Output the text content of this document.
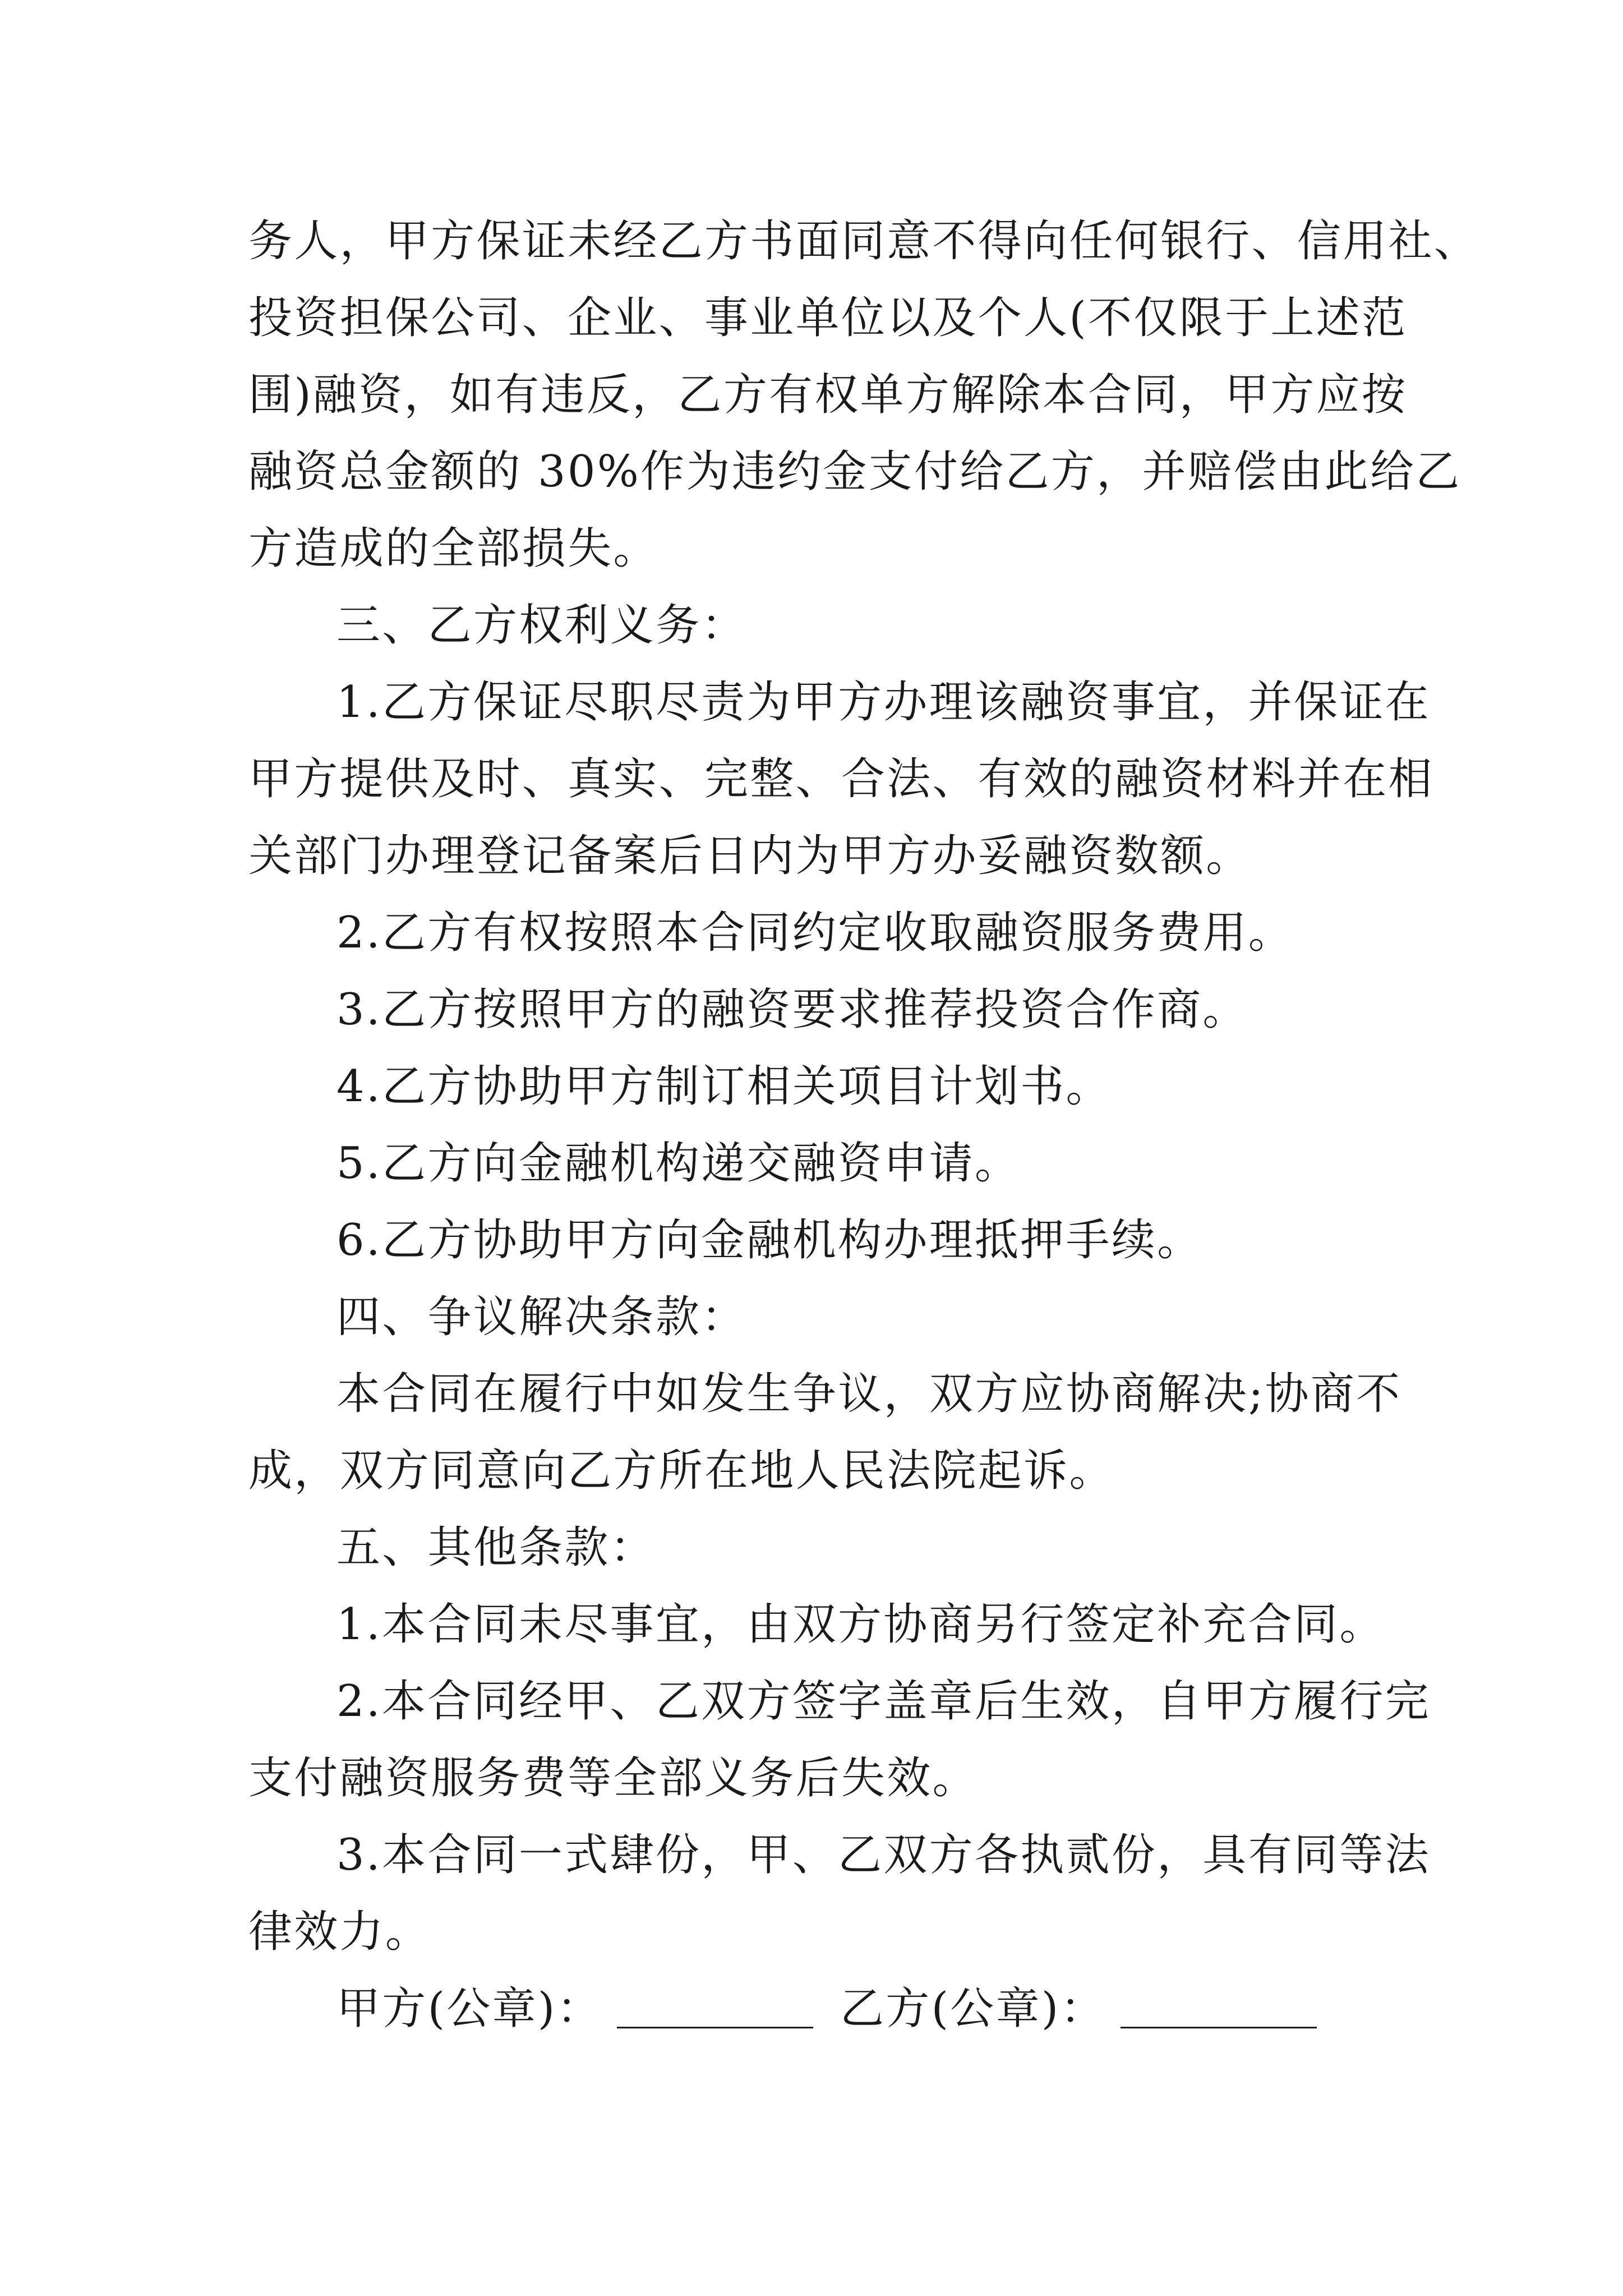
务人，甲方保证未经乙方书面同意不得向任何银行、信用社、
投资担保公司、企业、事业单位以及个人(不仅限于上述范
围)融资，如有违反，乙方有权单方解除本合同，甲方应按
融资总金额的 30%作为违约金支付给乙方，并赔偿由此给乙
方造成的全部损失。
三、乙方权利义务：
1.乙方保证尽职尽责为甲方办理该融资事宜，并保证在
甲方提供及时、真实、完整、合法、有效的融资材料并在相
关部门办理登记备案后日内为甲方办妥融资数额。
2.乙方有权按照本合同约定收取融资服务费用。
3.乙方按照甲方的融资要求推荐投资合作商。
4.乙方协助甲方制订相关项目计划书。
5.乙方向金融机构递交融资申请。
6.乙方协助甲方向金融机构办理抵押手续。
四、争议解决条款：
本合同在履行中如发生争议，双方应协商解决;协商不
成，双方同意向乙方所在地人民法院起诉。
五、其他条款：
1.本合同未尽事宜，由双方协商另行签定补充合同。
2.本合同经甲、乙双方签字盖章后生效，自甲方履行完
支付融资服务费等全部义务后失效。
3.本合同一式肆份，甲、乙双方各执贰份，具有同等法
律效力。
甲方(公章)：	乙方(公章)：
